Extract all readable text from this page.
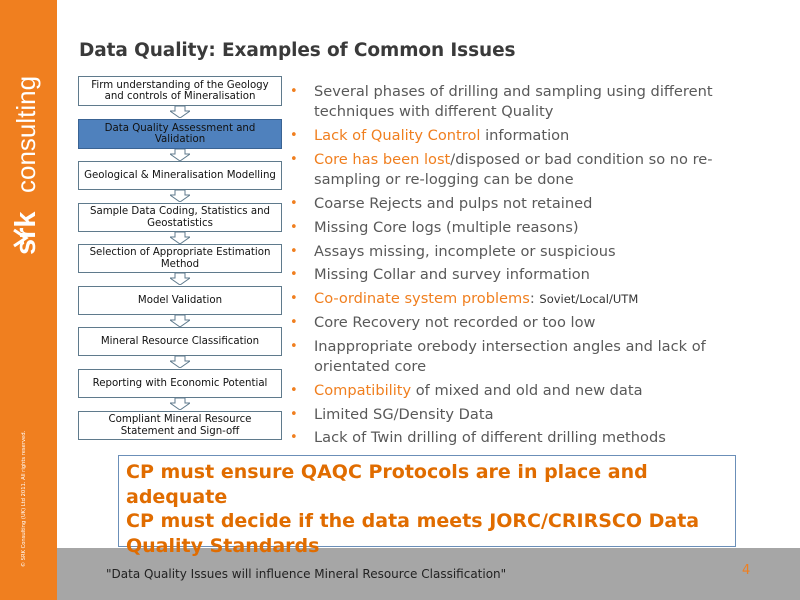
srk
consulting
© SRK Consulting (UK) Ltd 2011. All rights reserved.
Data Quality: Examples of Common Issues
Firm understanding of the Geology and controls of Mineralisation
Data Quality Assessment and Validation
Geological & Mineralisation Modelling
Sample Data Coding, Statistics and Geostatistics
Selection of Appropriate Estimation Method
Model Validation
Mineral Resource Classification
Reporting with Economic Potential
Compliant Mineral Resource Statement and Sign-off
• Several phases of drilling and sampling using different techniques with different Quality
• Lack of Quality Control information
• Core has been lost/disposed or bad condition so no re-sampling or re-logging can be done
• Coarse Rejects and pulps not retained
• Missing Core logs (multiple reasons)
• Assays missing, incomplete or suspicious
• Missing Collar and survey information
• Co-ordinate system problems: Soviet/Local/UTM
• Core Recovery not recorded or too low
• Inappropriate orebody intersection angles and lack of orientated core
• Compatibility of mixed and old and new data
• Limited SG/Density Data
• Lack of Twin drilling of different drilling methods
CP must ensure QAQC Protocols are in place and adequate
CP must decide if the data meets JORC/CRIRSCO Data Quality Standards
"Data Quality Issues will influence Mineral Resource Classification"	4
